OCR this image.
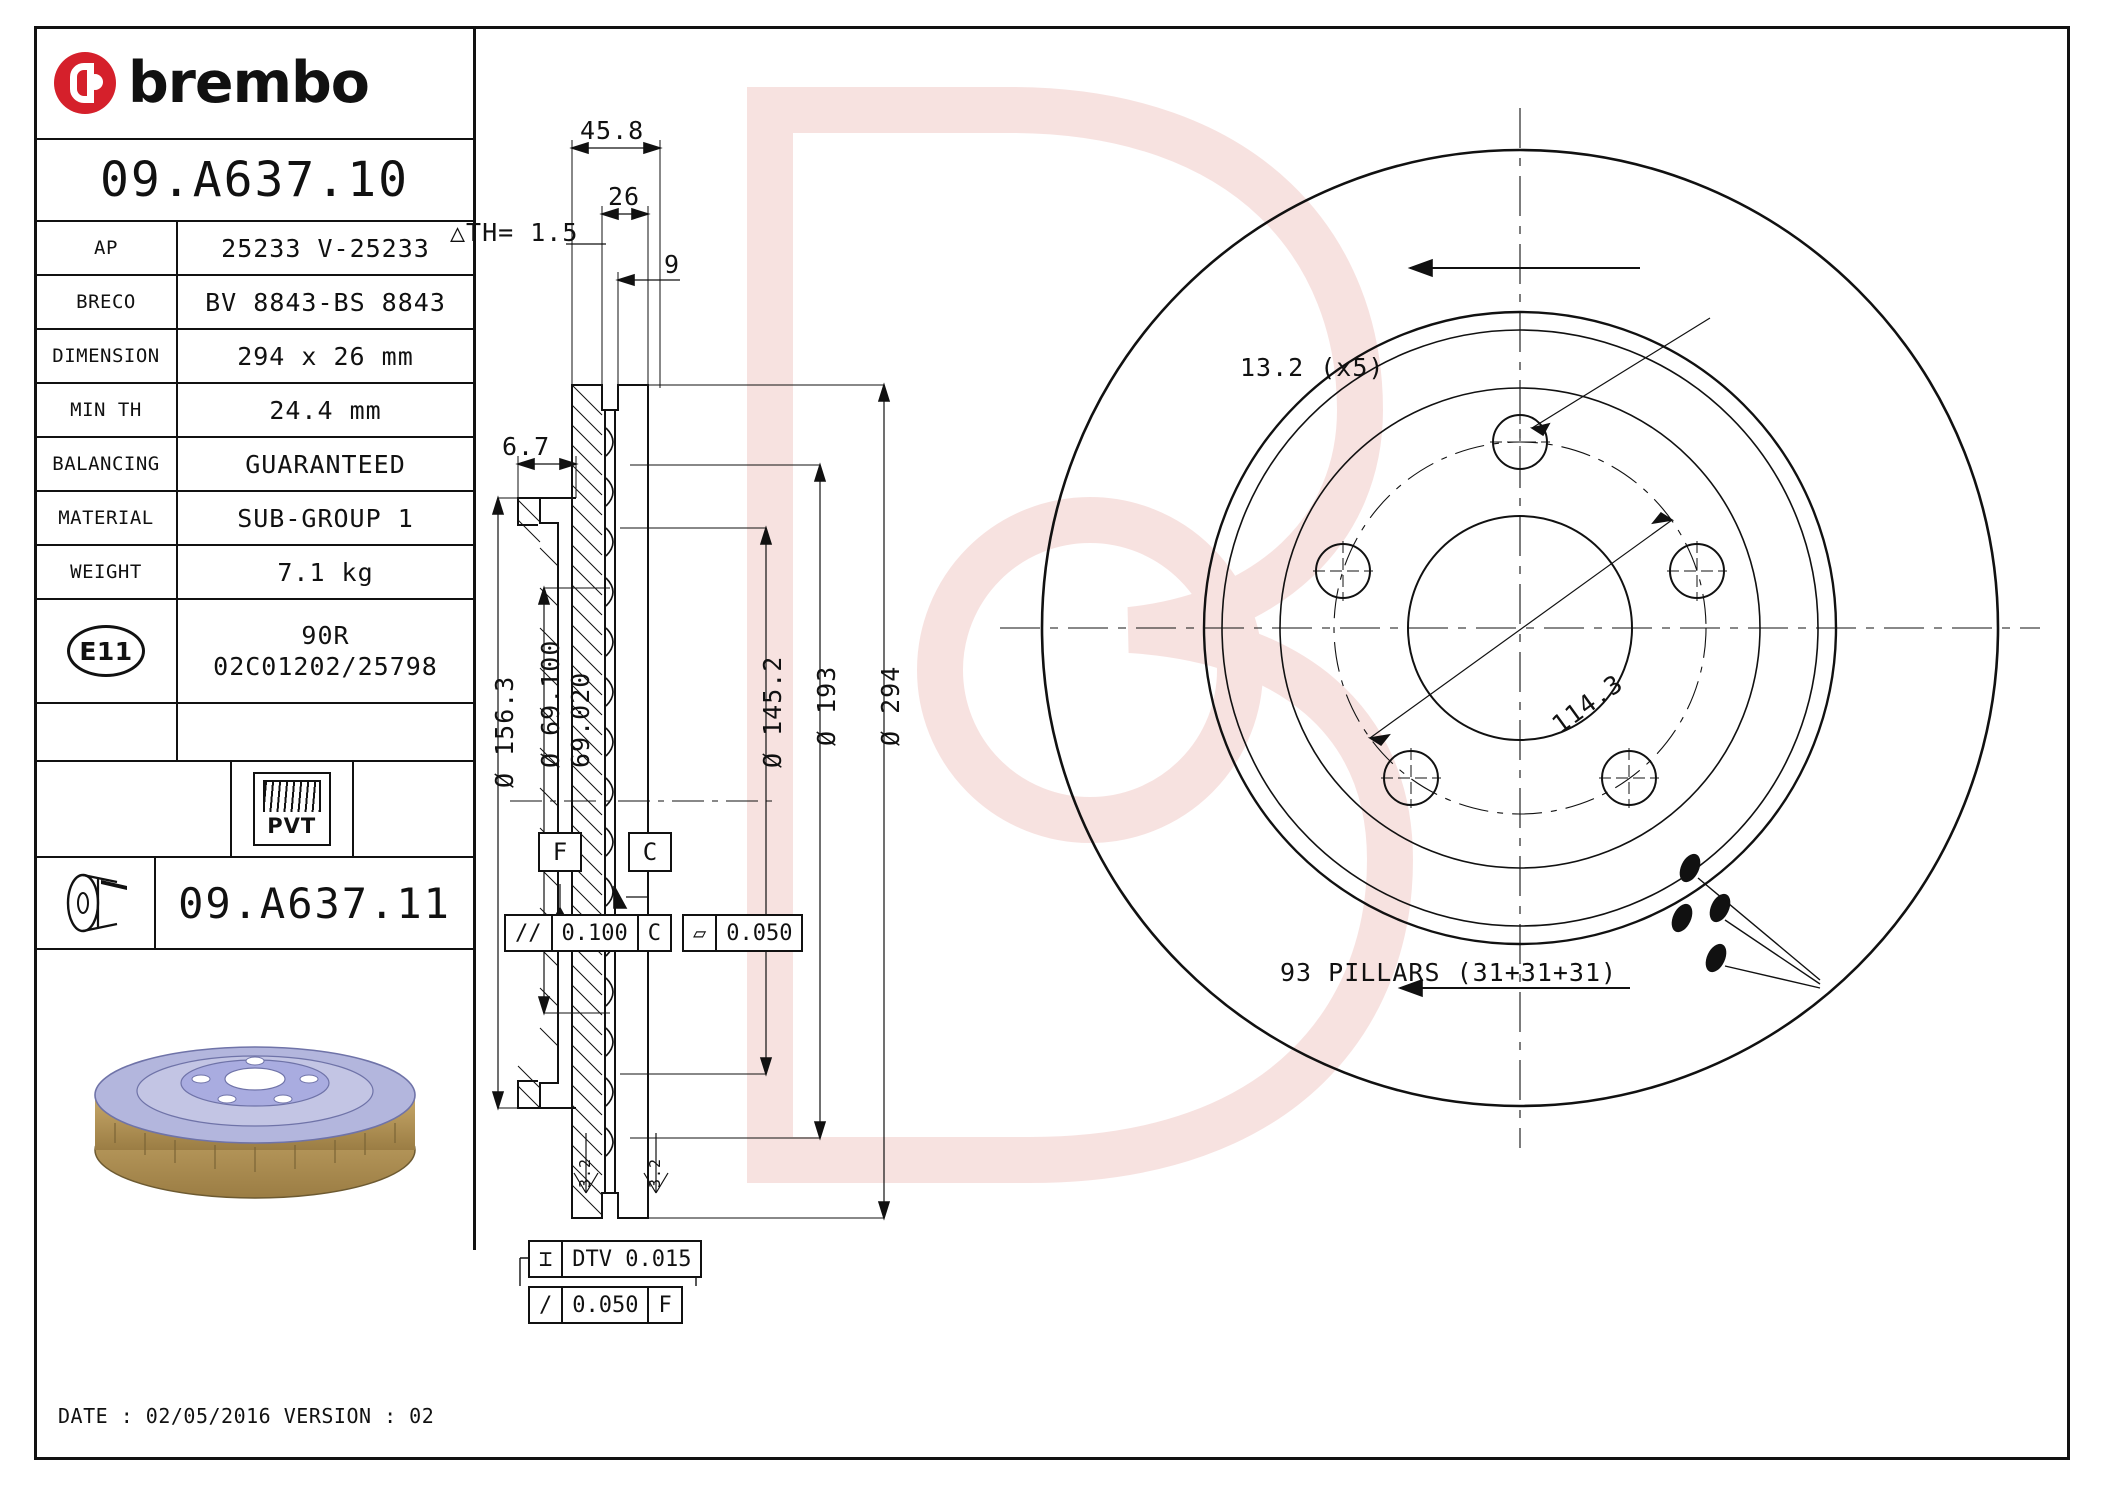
brembo
09.A637.10
AP	25233 V-25233
BRECO	BV 8843-BS 8843
DIMENSION	294 x 26 mm
MIN TH	24.4 mm
BALANCING	GUARANTEED
MATERIAL	SUB-GROUP 1
WEIGHT	7.1 kg
E11
90R
02C01202/25798
PVT
09.A637.11
DATE : 02/05/2016 VERSION : 02
45.8
26
9
△TH= 1.5
6.7
Ø 156.3 Ø 69.100 69.020	Ø 145.2 Ø 193 Ø 294
F	C
// 0.100 C	▱ 0.050
⌶ DTV 0.015
/ 0.050 F
3.2	3.2
13.2 (x5)
114.3
93 PILLARS (31+31+31)
